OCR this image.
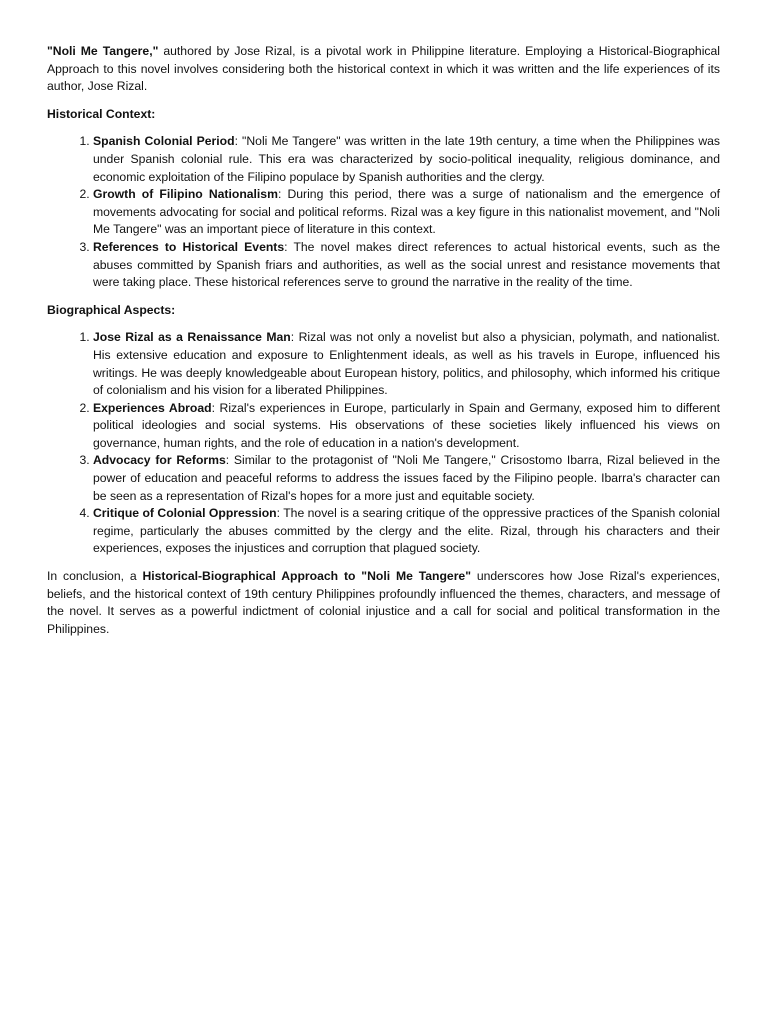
"Noli Me Tangere," authored by Jose Rizal, is a pivotal work in Philippine literature. Employing a Historical-Biographical Approach to this novel involves considering both the historical context in which it was written and the life experiences of its author, Jose Rizal.

Historical Context:

1. Spanish Colonial Period: "Noli Me Tangere" was written in the late 19th century, a time when the Philippines was under Spanish colonial rule. This era was characterized by socio-political inequality, religious dominance, and economic exploitation of the Filipino populace by Spanish authorities and the clergy.
2. Growth of Filipino Nationalism: During this period, there was a surge of nationalism and the emergence of movements advocating for social and political reforms. Rizal was a key figure in this nationalist movement, and "Noli Me Tangere" was an important piece of literature in this context.
3. References to Historical Events: The novel makes direct references to actual historical events, such as the abuses committed by Spanish friars and authorities, as well as the social unrest and resistance movements that were taking place. These historical references serve to ground the narrative in the reality of the time.

Biographical Aspects:

1. Jose Rizal as a Renaissance Man: Rizal was not only a novelist but also a physician, polymath, and nationalist. His extensive education and exposure to Enlightenment ideals, as well as his travels in Europe, influenced his writings. He was deeply knowledgeable about European history, politics, and philosophy, which informed his critique of colonialism and his vision for a liberated Philippines.
2. Experiences Abroad: Rizal's experiences in Europe, particularly in Spain and Germany, exposed him to different political ideologies and social systems. His observations of these societies likely influenced his views on governance, human rights, and the role of education in a nation's development.
3. Advocacy for Reforms: Similar to the protagonist of "Noli Me Tangere," Crisostomo Ibarra, Rizal believed in the power of education and peaceful reforms to address the issues faced by the Filipino people. Ibarra's character can be seen as a representation of Rizal's hopes for a more just and equitable society.
4. Critique of Colonial Oppression: The novel is a searing critique of the oppressive practices of the Spanish colonial regime, particularly the abuses committed by the clergy and the elite. Rizal, through his characters and their experiences, exposes the injustices and corruption that plagued society.

In conclusion, a Historical-Biographical Approach to "Noli Me Tangere" underscores how Jose Rizal's experiences, beliefs, and the historical context of 19th century Philippines profoundly influenced the themes, characters, and message of the novel. It serves as a powerful indictment of colonial injustice and a call for social and political transformation in the Philippines.
